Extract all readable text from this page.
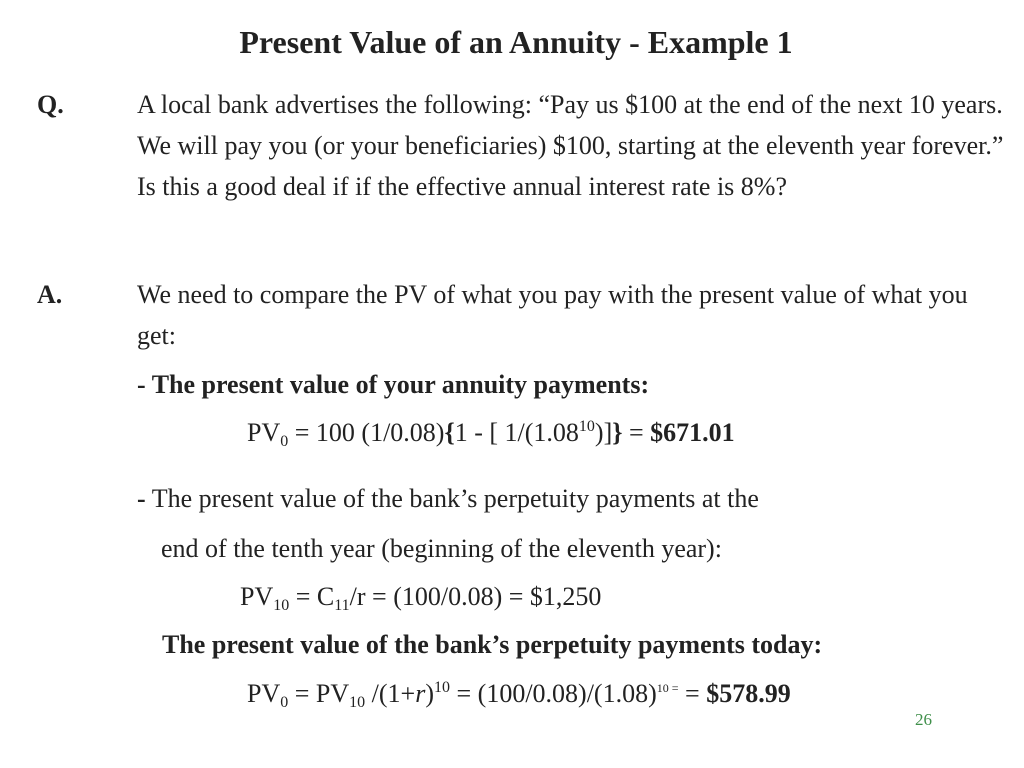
Present Value of an Annuity - Example 1
Q.	A local bank advertises the following: “Pay us $100 at the end of the next 10 years. We will pay you (or your beneficiaries) $100, starting at the eleventh year forever.” Is this a good deal if if the effective annual interest rate is 8%?
A.	We need to compare the PV of what you pay with the present value of what you get:
- The present value of your annuity payments:
$PV_0 = 100$ (1/0.08){1 - [ $1/(1.08^{10})$]} = $671.01
- The present value of the bank’s perpetuity payments at the
end of the tenth year (beginning of the eleventh year):
$PV_{10} = C_{11}/r = (100/0.08)$ = $1,250
The present value of the bank’s perpetuity payments today:
$PV_0 = PV_{10}$ $/(1+r)^{10} = (100/0.08)/(1.08)^{10 =}$ = $578.99
26
